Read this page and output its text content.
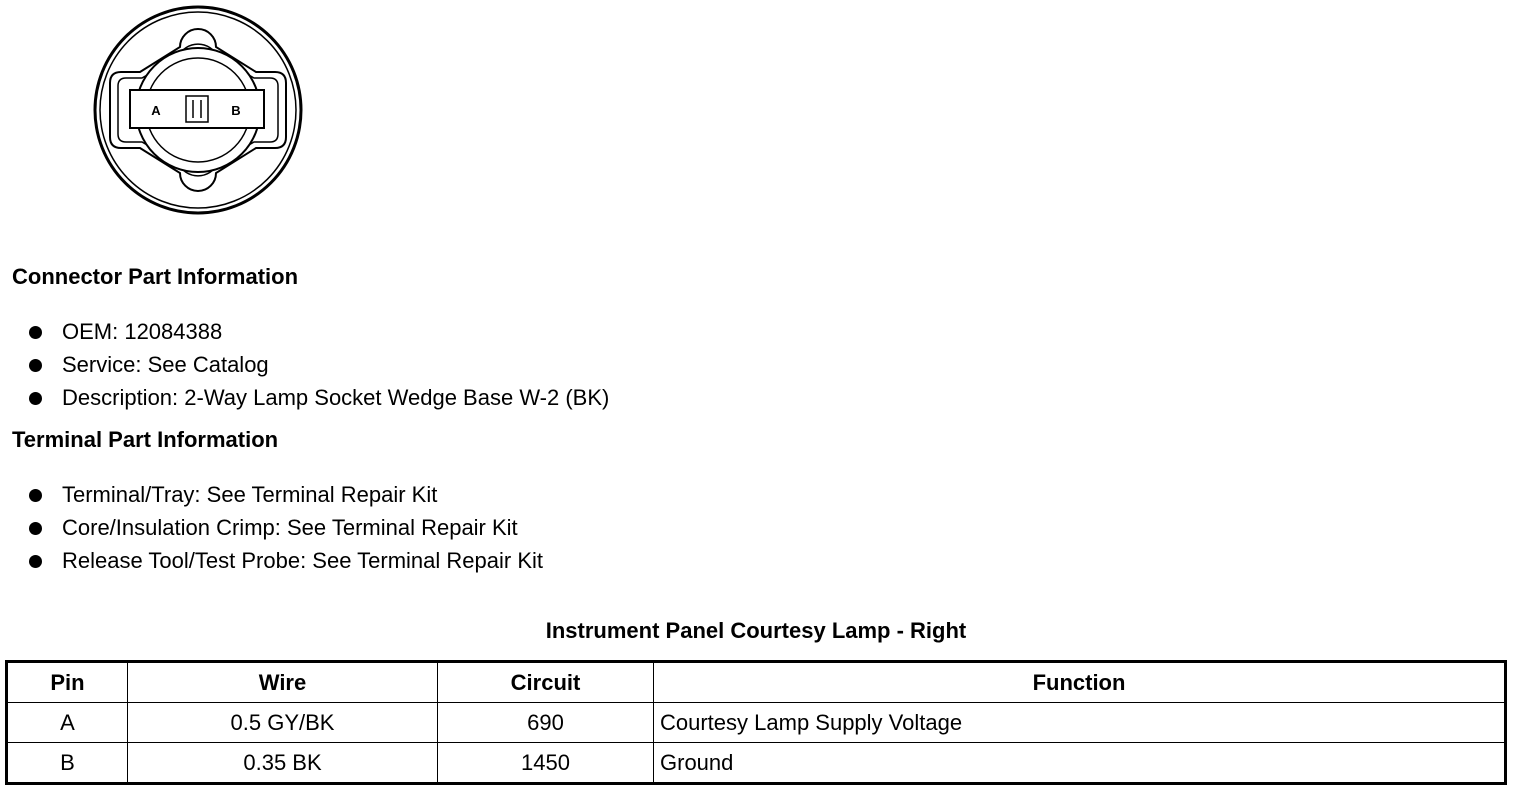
A	B
Connector Part Information
OEM: 12084388
Service: See Catalog
Description: 2-Way Lamp Socket Wedge Base W-2 (BK)
Terminal Part Information
Terminal/Tray: See Terminal Repair Kit
Core/Insulation Crimp: See Terminal Repair Kit
Release Tool/Test Probe: See Terminal Repair Kit
Instrument Panel Courtesy Lamp - Right
Pin	Wire	Circuit	Function
A	0.5 GY/BK	690	Courtesy Lamp Supply Voltage
B	0.35 BK	1450	Ground
